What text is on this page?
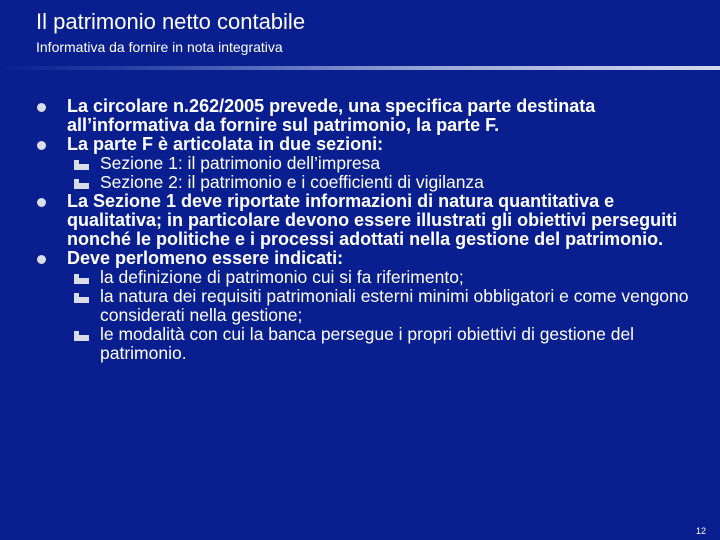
Il patrimonio netto contabile
Informativa da fornire in nota integrativa
La circolare n.262/2005 prevede, una specifica parte destinata all’informativa da fornire sul patrimonio, la parte F.
La parte F è articolata in due sezioni:
Sezione 1: il patrimonio dell’impresa
Sezione 2: il patrimonio e i coefficienti di vigilanza
La Sezione 1 deve riportate informazioni di natura quantitativa e qualitativa; in particolare devono essere illustrati gli obiettivi perseguiti nonché le politiche e i processi adottati nella gestione del patrimonio.
Deve perlomeno essere indicati:
la definizione di patrimonio cui si fa riferimento;
la natura dei requisiti patrimoniali esterni minimi obbligatori e come vengono considerati nella gestione;
le modalità con cui la banca persegue i propri obiettivi di gestione del patrimonio.
12
